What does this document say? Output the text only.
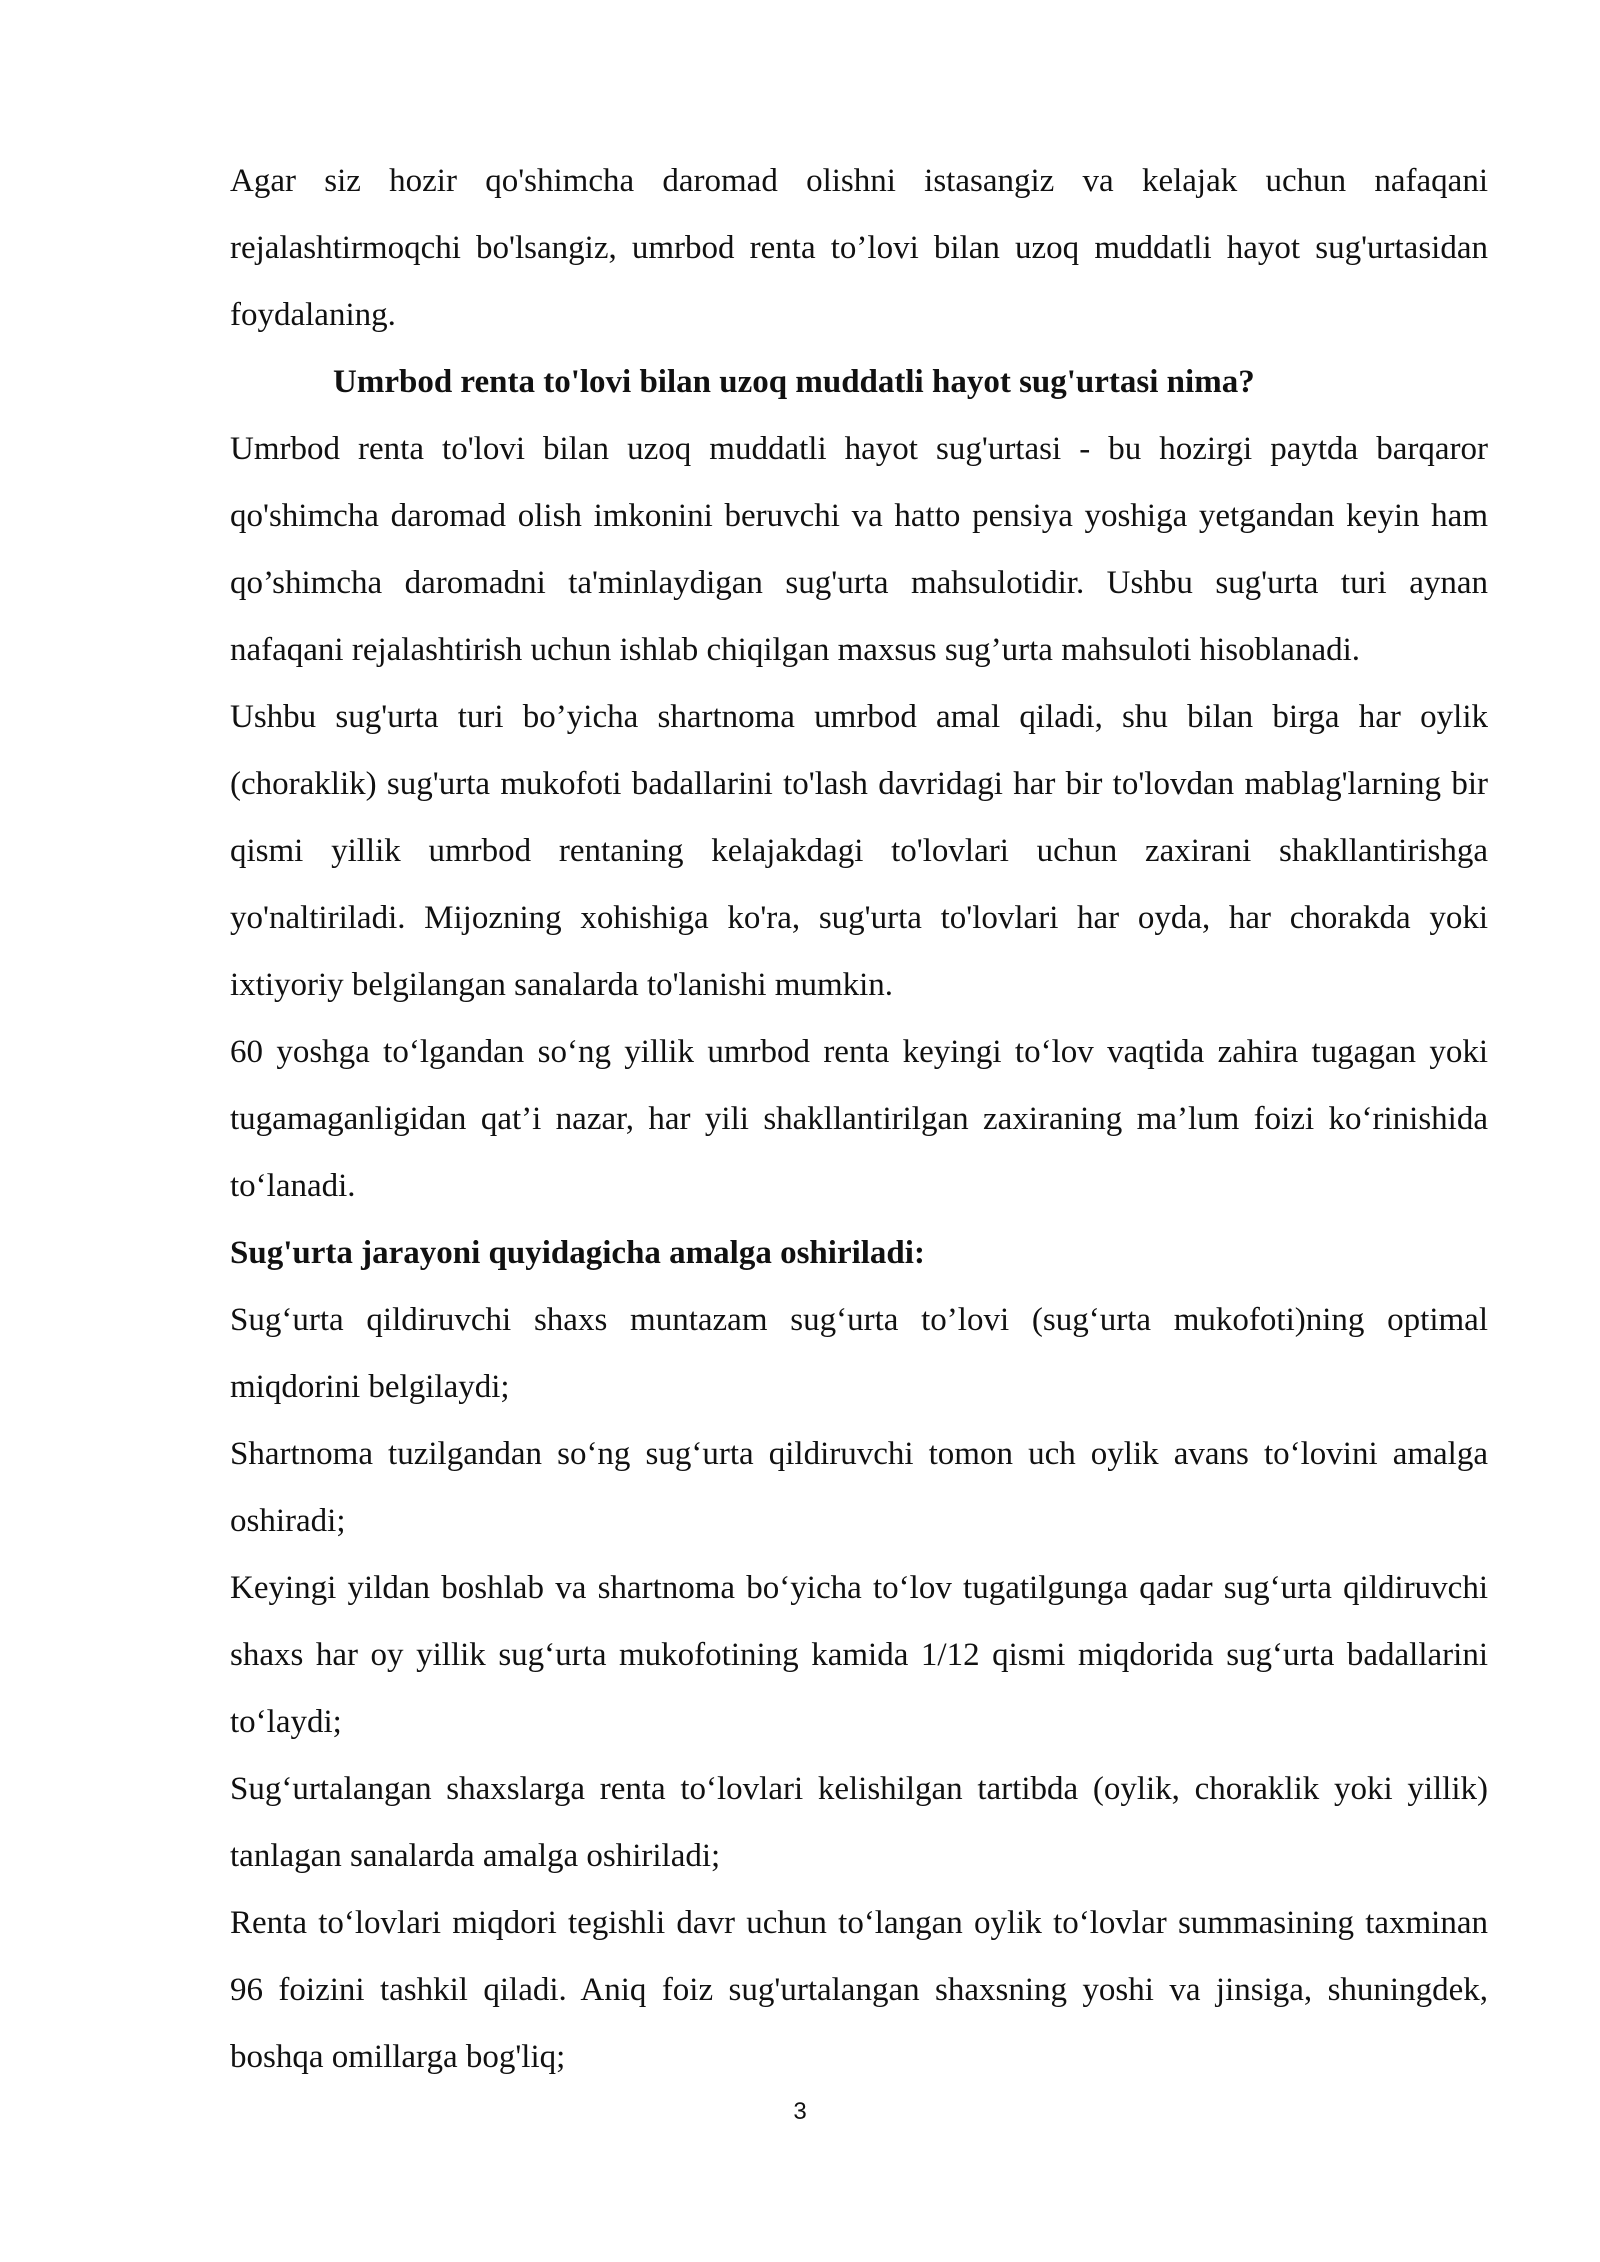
Agar siz hozir qo'shimcha daromad olishni istasangiz va kelajak uchun nafaqani rejalashtirmoqchi bo'lsangiz, umrbod renta to’lovi bilan uzoq muddatli hayot sug'urtasidan foydalaning.

Umrbod renta to'lovi bilan uzoq muddatli hayot sug'urtasi nima?

Umrbod renta to'lovi bilan uzoq muddatli hayot sug'urtasi - bu hozirgi paytda barqaror qo'shimcha daromad olish imkonini beruvchi va hatto pensiya yoshiga yetgandan keyin ham qo’shimcha daromadni ta'minlaydigan sug'urta mahsulotidir. Ushbu sug'urta turi aynan nafaqani rejalashtirish uchun ishlab chiqilgan maxsus sug’urta mahsuloti hisoblanadi.

Ushbu sug'urta turi bo’yicha shartnoma umrbod amal qiladi, shu bilan birga har oylik (choraklik) sug'urta mukofoti badallarini to'lash davridagi har bir to'lovdan mablag'larning bir qismi yillik umrbod rentaning kelajakdagi to'lovlari uchun zaxirani shakllantirishga yo'naltiriladi. Mijozning xohishiga ko'ra, sug'urta to'lovlari har oyda, har chorakda yoki ixtiyoriy belgilangan sanalarda to'lanishi mumkin.

60 yoshga to‘lgandan so‘ng yillik umrbod renta keyingi to‘lov vaqtida zahira tugagan yoki tugamaganligidan qat’i nazar, har yili shakllantirilgan zaxiraning ma’lum foizi ko‘rinishida to‘lanadi.

Sug'urta jarayoni quyidagicha amalga oshiriladi:

Sug‘urta qildiruvchi shaxs muntazam sug‘urta to’lovi (sug‘urta mukofoti)ning optimal miqdorini belgilaydi;

Shartnoma tuzilgandan so‘ng sug‘urta qildiruvchi tomon uch oylik avans to‘lovini amalga oshiradi;

Keyingi yildan boshlab va shartnoma bo‘yicha to‘lov tugatilgunga qadar sug‘urta qildiruvchi shaxs har oy yillik sug‘urta mukofotining kamida 1/12 qismi miqdorida sug‘urta badallarini to‘laydi;

Sug‘urtalangan shaxslarga renta to‘lovlari kelishilgan tartibda (oylik, choraklik yoki yillik) tanlagan sanalarda amalga oshiriladi;

Renta to‘lovlari miqdori tegishli davr uchun to‘langan oylik to‘lovlar summasining taxminan 96 foizini tashkil qiladi. Aniq foiz sug'urtalangan shaxsning yoshi va jinsiga, shuningdek, boshqa omillarga bog'liq;

3
